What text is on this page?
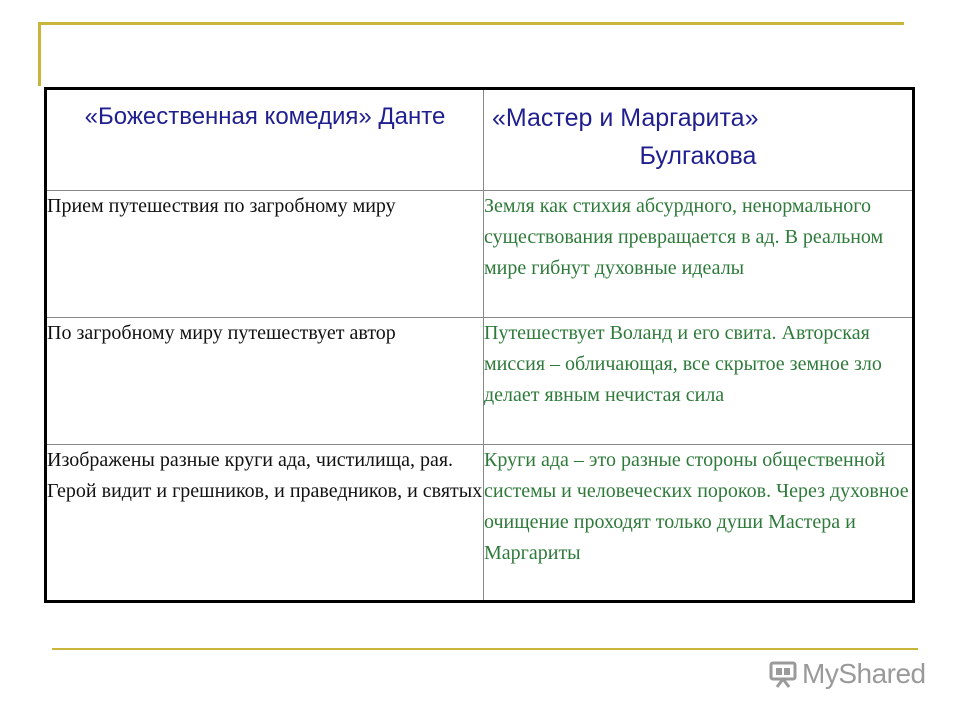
«Божественная комедия» Данте	«Мастер и Маргарита»
Булгакова

Прием путешествия по загробному миру	Земля как стихия абсурдного, ненормального существования превращается в ад. В реальном мире гибнут духовные идеалы
По загробному миру путешествует автор	Путешествует Воланд и его свита. Авторская миссия – обличающая, все скрытое земное зло делает явным нечистая сила
Изображены разные круги ада, чистилища, рая. Герой видит и грешников, и праведников, и святых	Круги ада – это разные стороны общественной системы и человеческих пороков. Через духовное очищение проходят только души Мастера и Маргариты
MyShared
